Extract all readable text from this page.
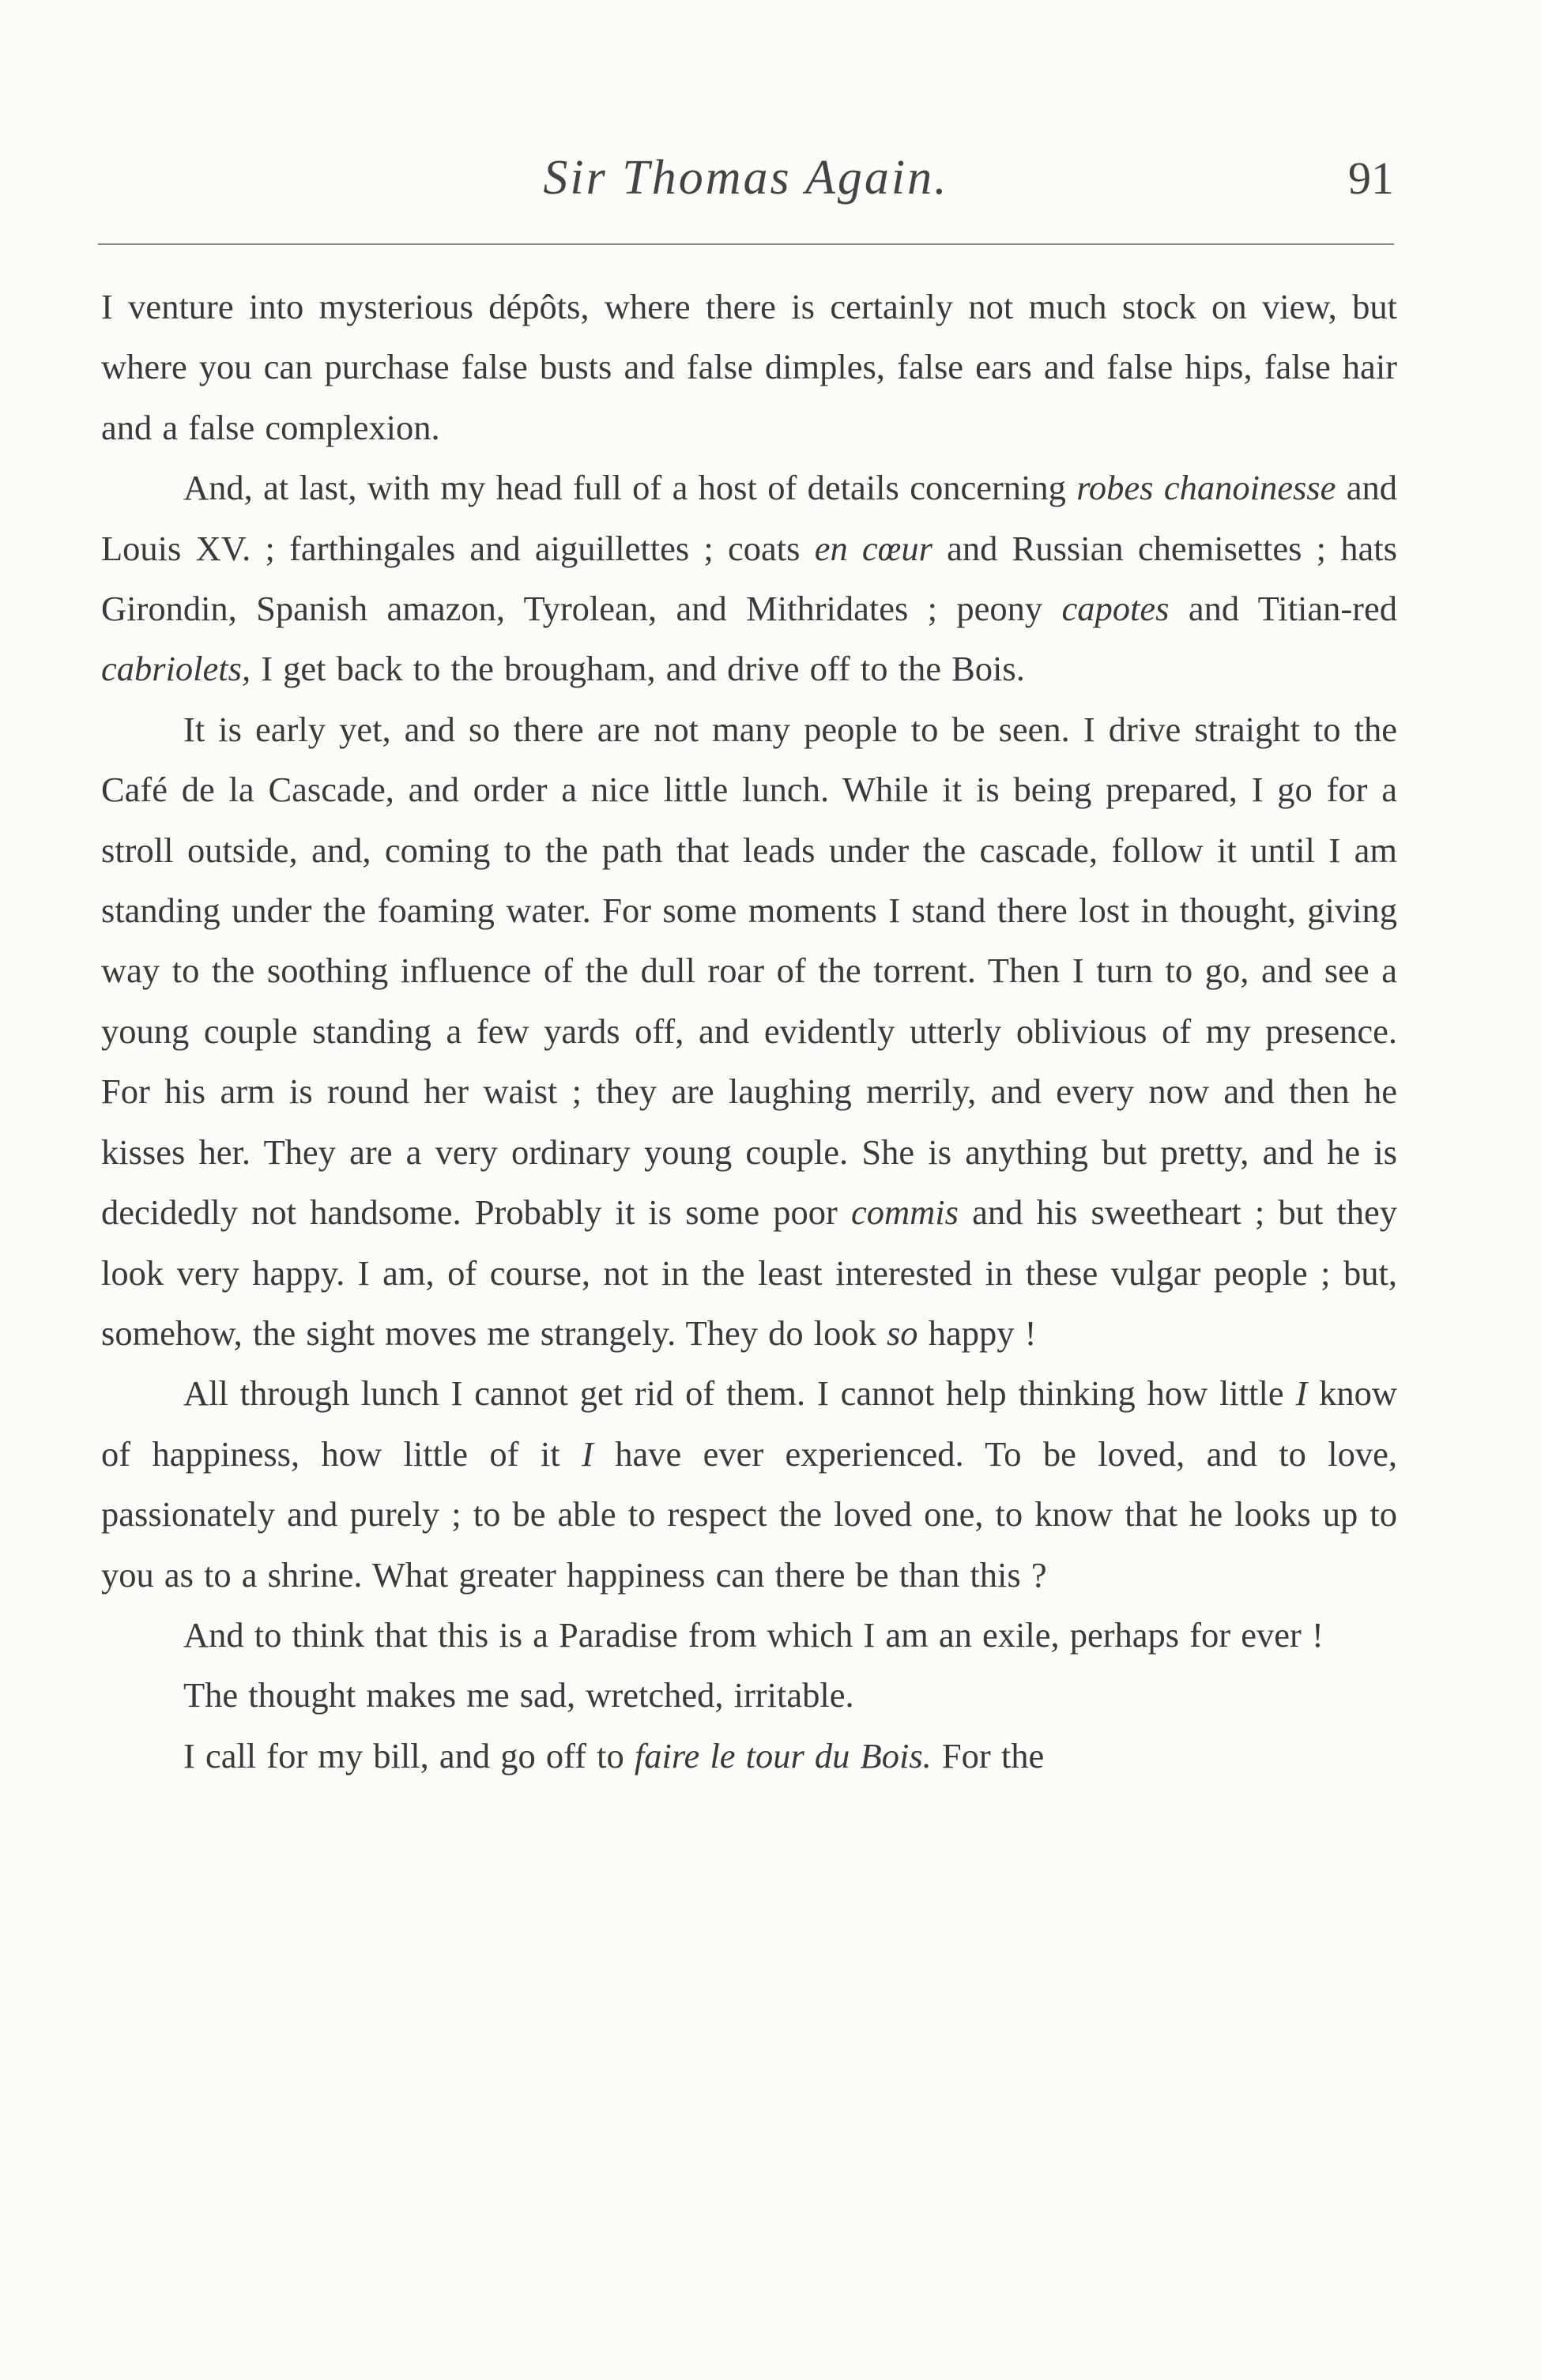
Sir Thomas Again.	91

I venture into mysterious dépôts, where there is certainly not much stock on view, but where you can purchase false busts and false dimples, false ears and false hips, false hair and a false complexion.

And, at last, with my head full of a host of details concerning robes chanoinesse and Louis XV. ; farthingales and aiguillettes ; coats en cœur and Russian chemisettes ; hats Girondin, Spanish amazon, Tyrolean, and Mithridates ; peony capotes and Titian-red cabriolets, I get back to the brougham, and drive off to the Bois.

It is early yet, and so there are not many people to be seen. I drive straight to the Café de la Cascade, and order a nice little lunch. While it is being prepared, I go for a stroll outside, and, coming to the path that leads under the cascade, follow it until I am standing under the foaming water. For some moments I stand there lost in thought, giving way to the soothing influence of the dull roar of the torrent. Then I turn to go, and see a young couple standing a few yards off, and evidently utterly oblivious of my presence. For his arm is round her waist ; they are laughing merrily, and every now and then he kisses her. They are a very ordinary young couple. She is anything but pretty, and he is decidedly not handsome. Probably it is some poor commis and his sweetheart ; but they look very happy. I am, of course, not in the least interested in these vulgar people ; but, somehow, the sight moves me strangely. They do look so happy !

All through lunch I cannot get rid of them. I cannot help thinking how little I know of happiness, how little of it I have ever experienced. To be loved, and to love, passionately and purely ; to be able to respect the loved one, to know that he looks up to you as to a shrine. What greater happiness can there be than this ?

And to think that this is a Paradise from which I am an exile, perhaps for ever !

The thought makes me sad, wretched, irritable.

I call for my bill, and go off to faire le tour du Bois. For the
